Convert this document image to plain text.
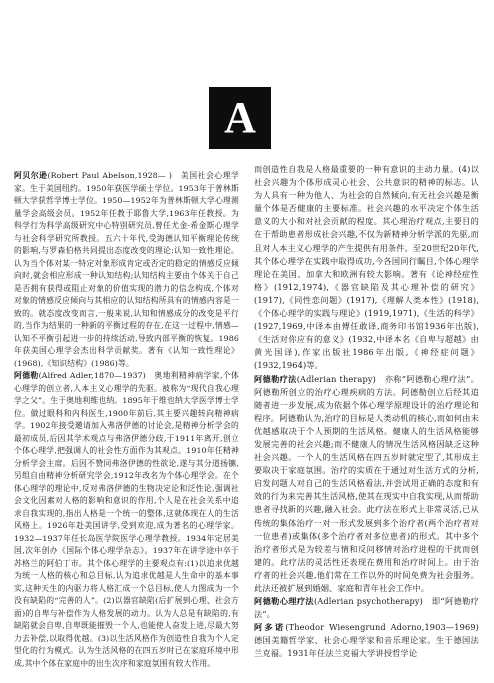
A

阿贝尔逊(Robert Paul Abelson,1928— )　美国社会心理学家。生于美国纽约。1950年获医学硕士学位。1953年于普林斯顿大学获哲学博士学位。1950—1952年为普林斯顿大学心理测量学会高级会员。1952年任教于耶鲁大学,1963年任教授。为科学行为科学高级研究中心特别研究员,曾任尤金·希金斯心理学与社会科学研究所教授。五六十年代,受海德认知平衡理论传统的影响,与罗森伯格共同提出态度改变的理论:认知一致性理论。认为当个体对某一特定对象形成肯定或否定的稳定的情感反应倾向时,就会相应形成一种认知结构;认知结构主要由个体关于自己是否拥有获得或阻止对象的价值实现的潜力的信念构成,个体对对象的情感反应倾向与其相应的认知结构所具有的情感内容是一致的。就态度改变而言,一般来说,认知和情感成分的改变是平行的,当作为结果的一种新的平衡过程的存在,在这一过程中,情感—认知不平衡引起进一步的持续活动,导致内部平衡的恢复。1986年获美国心理学会杰出科学贡献奖。著有《认知一致性理论》(1968),《知识结构》(1986)等。

阿德勒(Alfred Adler,1870—1937)　奥地利精神病学家,个体心理学的创立者,人本主义心理学的先驱。被称为“现代自我心理学之父”。生于奥地利维也纳。1895年于维也纳大学医学博士学位。做过眼科和内科医生,1900年前后,其主要兴趣转向精神病学。1902年接受邀请加入弗洛伊德的讨论会,是精神分析学会的最初成员,后因其学术观点与弗洛伊德分歧,于1911年离开,创立个体心理学,把强调人的社会性方面作为其观点。1910年任精神分析学会主席。后因不赞同弗洛伊德的性欲论,遂与其分道扬镳,另组自由精神分析研究学会,1912年改名为个体心理学会。在个体心理学的理论中,反对弗洛伊德的生物决定论和泛性论,强调社会文化因素对人格的影响和意识的作用,个人是在社会关系中追求自我实现的,指出人格是一个统一的整体,这就体现在人的生活风格上。1926年赴美国讲学,受到欢迎,成为著名的心理学家。1932—1937年任长岛医学院医学心理学教授。1934年定居美国,次年创办《国际个体心理学杂志》。1937年在讲学途中卒于苏格兰的阿伯丁市。其个体心理学的主要观点有:(1)以追求优越为统一人格的核心和总目标,认为追求优越是人生命中的基本事实,这种天生的内驱力将人格汇成一个总目标,使人力图成为一个没有缺陷的“完善的人”。(2)以器官缺陷(后扩展到心理、社会方面)的自卑与补偿作为人格发展的动力。认为人总是有缺陷的,有缺陷就会自卑,自卑既能摧毁一个人,也能使人奋发上进,尽最大努力去补偿,以取得优越。(3)以生活风格作为创造性自我为个人定型化的行为模式。认为生活风格的在四五岁时已在家庭环境中形成,其中个体在家庭中的出生次序和家庭氛围有较大作用。

而创造性自我是人格最重要的一种有意识的主动力量。(4)以社会兴趣为个体形成灵心社会、公共意识的精神的标志。认为人具有一种为他人、为社会的自然倾向,有无社会兴趣是衡量个体是否健康的主要标准。社会兴趣的水平决定个体生活意义的大小和对社会贡献的程度。其心理治疗观点,主要目的在于帮助患者形成社会兴趣,不仅为新精神分析学派的先驱,而且对人本主义心理学的产生提供有用条件。至20世纪20年代,其个体心理学在实践中取得成功,今各国同行瞩目,个体心理学理论在美国、加拿大和欧洲有较大影响。著有《论神经症性格》(1912,1974),《器官缺陷及其心理补偿的研究》(1917),《同性恋问题》(1917),《理解人类本性》(1918),《个体心理学的实践与理论》(1919,1971),《生活的科学》(1927,1969,中译本由傅任敢译,商务印书馆1936年出版),《生活对你应有的意义》(1932,中译本名《自卑与超越》由黄光国译),作家出版社1986年出版,《神经症问题》(1932,1964)等。

阿德勒疗法(Adlerian therapy)　亦称“阿德勒心理疗法”。阿德勒所创立的治疗心理疾病的方法。阿德勒创立后经其追随者进一步发展,成为依据个体心理学原理设计的治疗理论和程序。阿德勒认为,治疗的目标是人类动机的核心,而如何由未优越感取决于个人预期的生活风格。健康人的生活风格能够发展完善的社会兴趣;而不健康人的情况生活风格因缺乏这种社会兴趣。一个人的生活风格在四五岁时就定型了,其形成主要取决于家庭氛围。治疗的实质在于通过对生活方式的分析,启发问题人对自己的生活风格看法,并尝试用正确的态度和有效的行为来完善其生活风格,使其在现实中自我实现,从而帮助患者寻找新的兴趣,融入社会。此疗法在形式上非常灵活,已从传统的集体治疗一对一形式发展到多个治疗者(两个治疗者对一位患者)或集体(多个治疗者对多位患者)的形式。其中多个治疗者形式是为较差与情和反问移情对治疗进程的干扰而创建的。此疗法的灵活性还表现在费用和治疗时间上。由于治疗者的社会兴趣,他们常在工作以外的时间免费为社会服务。此法还被扩展到婚姻、家庭和青年社会工作中。

阿德勒心理疗法(Adlerian psychotherapy)　即“阿德勒疗法”。

阿多诺(Theodor Wiesengrund Adorno,1903—1969)　德国美籍哲学家、社会心理学家和音乐理论家。生于德国法兰克福。1931年任法兰克福大学讲授哲学论
